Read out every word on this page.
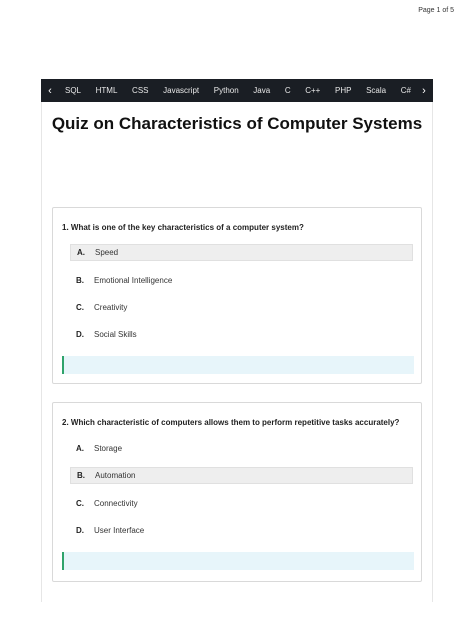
Page 1 of 5
‹	SQL HTML CSS Javascript Python Java C C++ PHP Scala C#	›
Quiz on Characteristics of Computer Systems
1. What is one of the key characteristics of a computer system?
A.	Speed
B.	Emotional Intelligence
C.	Creativity
D.	Social Skills
2. Which characteristic of computers allows them to perform repetitive tasks accurately?
A.	Storage
B.	Automation
C.	Connectivity
D.	User Interface
